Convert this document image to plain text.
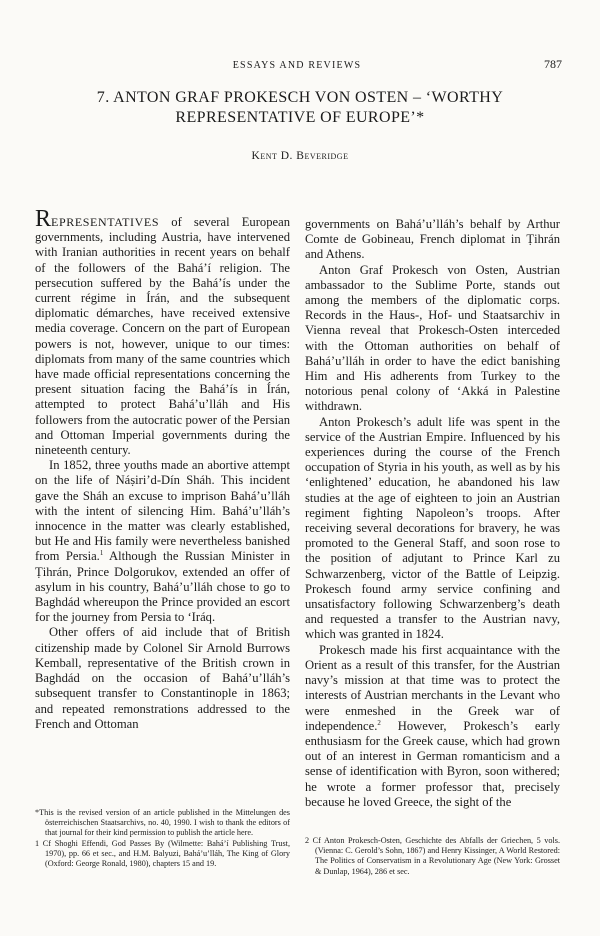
ESSAYS AND REVIEWS	787
7. ANTON GRAF PROKESCH VON OSTEN – ‘WORTHY
REPRESENTATIVE OF EUROPE’*
Kent D. Beveridge

REPRESENTATIVES of several European governments, including Austria, have intervened with Iranian authorities in recent years on behalf of the followers of the Bahá’í religion. The persecution suffered by the Bahá’ís under the current régime in Írán, and the subsequent diplomatic démarches, have received extensive media coverage. Concern on the part of European powers is not, however, unique to our times: diplomats from many of the same countries which have made official representations concerning the present situation facing the Bahá’ís in Írán, attempted to protect Bahá’u’lláh and His followers from the autocratic power of the Persian and Ottoman Imperial governments during the nineteenth century.

In 1852, three youths made an abortive attempt on the life of Náṣiri’d-Dín Sháh. This incident gave the Sháh an excuse to imprison Bahá’u’lláh with the intent of silencing Him. Bahá’u’lláh’s innocence in the matter was clearly established, but He and His family were nevertheless banished from Persia.$^1$ Although the Russian Minister in Ṭihrán, Prince Dolgorukov, extended an offer of asylum in his country, Bahá’u’lláh chose to go to Baghdád whereupon the Prince provided an escort for the journey from Persia to ‘Iráq.

Other offers of aid include that of British citizenship made by Colonel Sir Arnold Burrows Kemball, representative of the British crown in Baghdád on the occasion of Bahá’u’lláh’s subsequent transfer to Constantinople in 1863; and repeated remonstrations addressed to the French and Ottoman

governments on Bahá’u’lláh’s behalf by Arthur Comte de Gobineau, French diplomat in Ṭihrán and Athens.

Anton Graf Prokesch von Osten, Austrian ambassador to the Sublime Porte, stands out among the members of the diplomatic corps. Records in the Haus-, Hof- und Staatsarchiv in Vienna reveal that Prokesch-Osten interceded with the Ottoman authorities on behalf of Bahá’u’lláh in order to have the edict banishing Him and His adherents from Turkey to the notorious penal colony of ‘Akká in Palestine withdrawn.

Anton Prokesch’s adult life was spent in the service of the Austrian Empire. Influenced by his experiences during the course of the French occupation of Styria in his youth, as well as by his ‘enlightened’ education, he abandoned his law studies at the age of eighteen to join an Austrian regiment fighting Napoleon’s troops. After receiving several decorations for bravery, he was promoted to the General Staff, and soon rose to the position of adjutant to Prince Karl zu Schwarzenberg, victor of the Battle of Leipzig. Prokesch found army service confining and unsatisfactory following Schwarzenberg’s death and requested a transfer to the Austrian navy, which was granted in 1824.

Prokesch made his first acquaintance with the Orient as a result of this transfer, for the Austrian navy’s mission at that time was to protect the interests of Austrian merchants in the Levant who were enmeshed in the Greek war of independence.$^2$ However, Prokesch’s early enthusiasm for the Greek cause, which had grown out of an interest in German romanticism and a sense of identification with Byron, soon withered; he wrote a former professor that, precisely because he loved Greece, the sight of the

*This is the revised version of an article published in the Mittelungen des österreichischen Staatsarchivs, no. 40, 1990. I wish to thank the editors of that journal for their kind permission to publish the article here.

1 Cf Shoghi Effendi, God Passes By (Wilmette: Bahá’í Publishing Trust, 1970), pp. 66 et sec., and H.M. Balyuzi, Bahá’u’lláh, The King of Glory (Oxford: George Ronald, 1980), chapters 15 and 19.

2 Cf Anton Prokesch-Osten, Geschichte des Abfalls der Griechen, 5 vols. (Vienna: C. Gerold’s Sohn, 1867) and Henry Kissinger, A World Restored: The Politics of Conservatism in a Revolutionary Age (New York: Grosset & Dunlap, 1964), 286 et sec.
